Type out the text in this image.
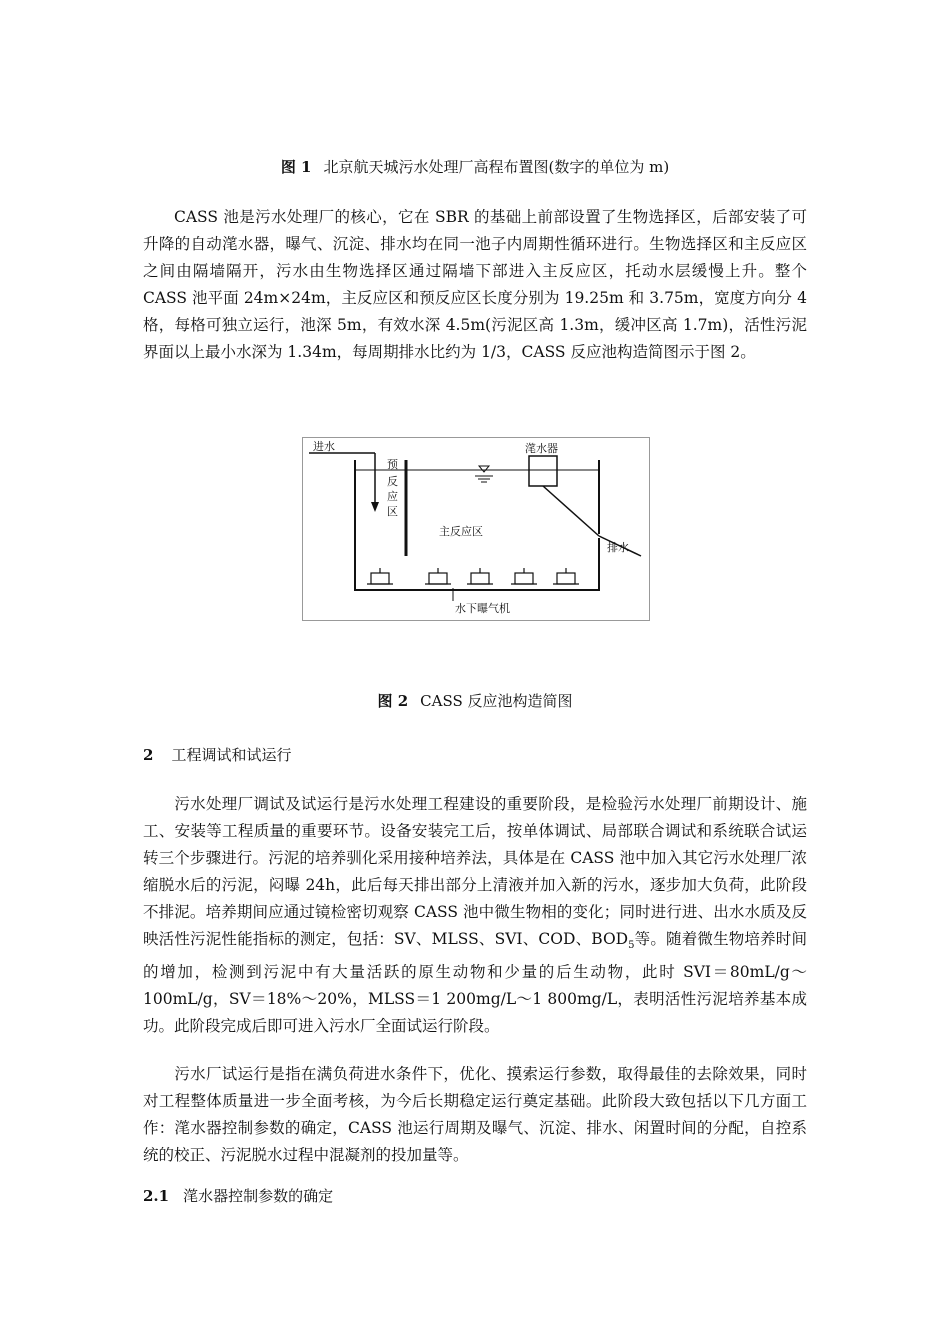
图 1 北京航天城污水处理厂高程布置图(数字的单位为 m)

CASS 池是污水处理厂的核心，它在 SBR 的基础上前部设置了生物选择区，后部安装了可升降的自动滗水器，曝气、沉淀、排水均在同一池子内周期性循环进行。生物选择区和主反应区之间由隔墙隔开，污水由生物选择区通过隔墙下部进入主反应区，托动水层缓慢上升。整个 CASS 池平面 24m×24m，主反应区和预反应区长度分别为 19.25m 和 3.75m，宽度方向分 4 格，每格可独立运行，池深 5m，有效水深 4.5m(污泥区高 1.3m，缓冲区高 1.7m)，活性污泥界面以上最小水深为 1.34m，每周期排水比约为 1/3，CASS 反应池构造简图示于图 2。

进水
预
反
应
区
主反应区
滗水器
排水
水下曝气机
图 2 CASS 反应池构造简图
2 工程调试和试运行

污水处理厂调试及试运行是污水处理工程建设的重要阶段，是检验污水处理厂前期设计、施工、安装等工程质量的重要环节。设备安装完工后，按单体调试、局部联合调试和系统联合试运转三个步骤进行。污泥的培养驯化采用接种培养法，具体是在 CASS 池中加入其它污水处理厂浓缩脱水后的污泥，闷曝 24h，此后每天排出部分上清液并加入新的污水，逐步加大负荷，此阶段不排泥。培养期间应通过镜检密切观察 CASS 池中微生物相的变化；同时进行进、出水水质及反映活性污泥性能指标的测定，包括：SV、MLSS、SVI、COD、$BOD_5$等。随着微生物培养时间的增加，检测到污泥中有大量活跃的原生动物和少量的后生动物，此时 SVI＝80mL/g～100mL/g，SV＝18%～20%，MLSS＝1 200mg/L～1 800mg/L，表明活性污泥培养基本成功。此阶段完成后即可进入污水厂全面试运行阶段。

污水厂试运行是指在满负荷进水条件下，优化、摸索运行参数，取得最佳的去除效果，同时对工程整体质量进一步全面考核，为今后长期稳定运行奠定基础。此阶段大致包括以下几方面工作：滗水器控制参数的确定，CASS 池运行周期及曝气、沉淀、排水、闲置时间的分配，自控系统的校正、污泥脱水过程中混凝剂的投加量等。

2.1 滗水器控制参数的确定
